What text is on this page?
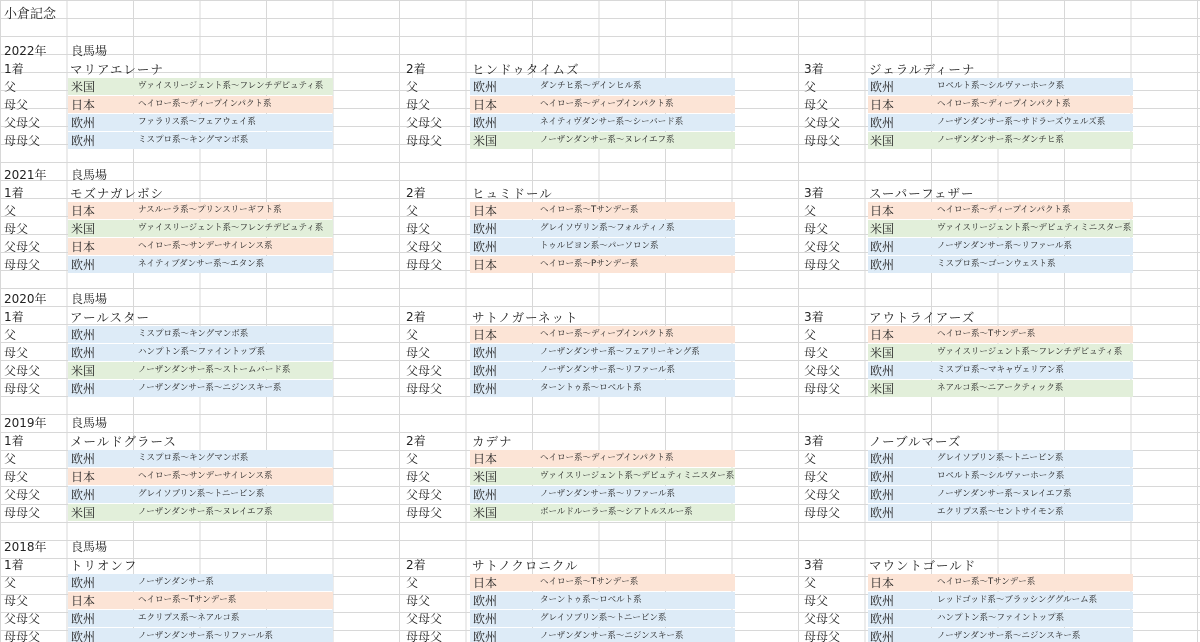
小倉記念
2022年 良馬場
1着	マリアエレーナ
父	米国	ヴァイスリージェント系〜フレンチデピュティ系
母父	日本	ヘイロー系〜ディープインパクト系
父母父	欧州	ファラリス系〜フェアウェイ系
母母父	欧州	ミスプロ系〜キングマンボ系
2着	ヒンドゥタイムズ
父	欧州	ダンチヒ系〜デインヒル系
母父	日本	ヘイロー系〜ディープインパクト系
父母父	欧州	ネイティヴダンサー系〜シーバード系
母母父	米国	ノーザンダンサー系〜ヌレイエフ系
3着	ジェラルディーナ
父	欧州	ロベルト系〜シルヴァーホーク系
母父	日本	ヘイロー系〜ディープインパクト系
父母父 欧州	ノーザンダンサー系〜サドラーズウェルズ系
母母父 米国	ノーザンダンサー系〜ダンチヒ系
2021年 良馬場
1着	モズナガレボシ
父	日本	ナスルーラ系〜プリンスリーギフト系
母父	米国	ヴァイスリージェント系〜フレンチデピュティ系
父母父	日本	ヘイロー系〜サンデーサイレンス系
母母父	欧州	ネイティブダンサー系〜エタン系
2着	ヒュミドール
父	日本	ヘイロー系〜Tサンデー系
母父	欧州	グレイソヴリン系〜フォルティノ系
父母父	欧州	トゥルビヨン系〜パーソロン系
母母父	日本	ヘイロー系〜Pサンデー系
3着	スーパーフェザー
父	日本	ヘイロー系〜ディープインパクト系
母父	米国	ヴァイスリージェント系〜デピュティミニスター系
父母父 欧州	ノーザンダンサー系〜リファール系
母母父 欧州	ミスプロ系〜ゴーンウェスト系
2020年 良馬場
1着	アールスター
父	欧州	ミスプロ系〜キングマンボ系
母父	欧州	ハンプトン系〜ファイントップ系
父母父	米国	ノーザンダンサー系〜ストームバード系
母母父	欧州	ノーザンダンサー系〜ニジンスキー系
2着	サトノガーネット
父	日本	ヘイロー系〜ディープインパクト系
母父	欧州	ノーザンダンサー系〜フェアリーキング系
父母父	欧州	ノーザンダンサー系〜リファール系
母母父	欧州	ターントゥ系〜ロベルト系
3着	アウトライアーズ
父	日本	ヘイロー系〜Tサンデー系
母父	米国	ヴァイスリージェント系〜フレンチデピュティ系
父母父 欧州	ミスプロ系〜マキャヴェリアン系
母母父 米国	ネアルコ系〜ニアークティック系
2019年 良馬場
1着	メールドグラース
父	欧州	ミスプロ系〜キングマンボ系
母父	日本	ヘイロー系〜サンデーサイレンス系
父母父	欧州	グレイソブリン系〜トニービン系
母母父	米国	ノーザンダンサー系〜ヌレイエフ系
2着	カデナ
父	日本	ヘイロー系〜ディープインパクト系
母父	米国	ヴァイスリージェント系〜デピュティミニスター系
父母父	欧州	ノーザンダンサー系〜リファール系
母母父	米国	ボールドルーラー系〜シアトルスルー系
3着	ノーブルマーズ
父	欧州	グレイソブリン系〜トニービン系
母父	欧州	ロベルト系〜シルヴァーホーク系
父母父 欧州	ノーザンダンサー系〜ヌレイエフ系
母母父 欧州	エクリプス系〜セントサイモン系
2018年 良馬場
1着	トリオンフ
父	欧州	ノーザンダンサー系
母父	日本	ヘイロー系〜Tサンデー系
父母父	欧州	エクリプス系〜ネアルコ系
母母父	欧州	ノーザンダンサー系〜リファール系
2着	サトノクロニクル
父	日本	ヘイロー系〜Tサンデー系
母父	欧州	ターントゥ系〜ロベルト系
父母父	欧州	グレイソブリン系〜トニービン系
母母父	欧州	ノーザンダンサー系〜ニジンスキー系
3着	マウントゴールド
父	日本	ヘイロー系〜Tサンデー系
母父	欧州	レッドゴッド系〜ブラッシンググルーム系
父母父 欧州	ハンプトン系〜ファイントップ系
母母父 欧州	ノーザンダンサー系〜ニジンスキー系
